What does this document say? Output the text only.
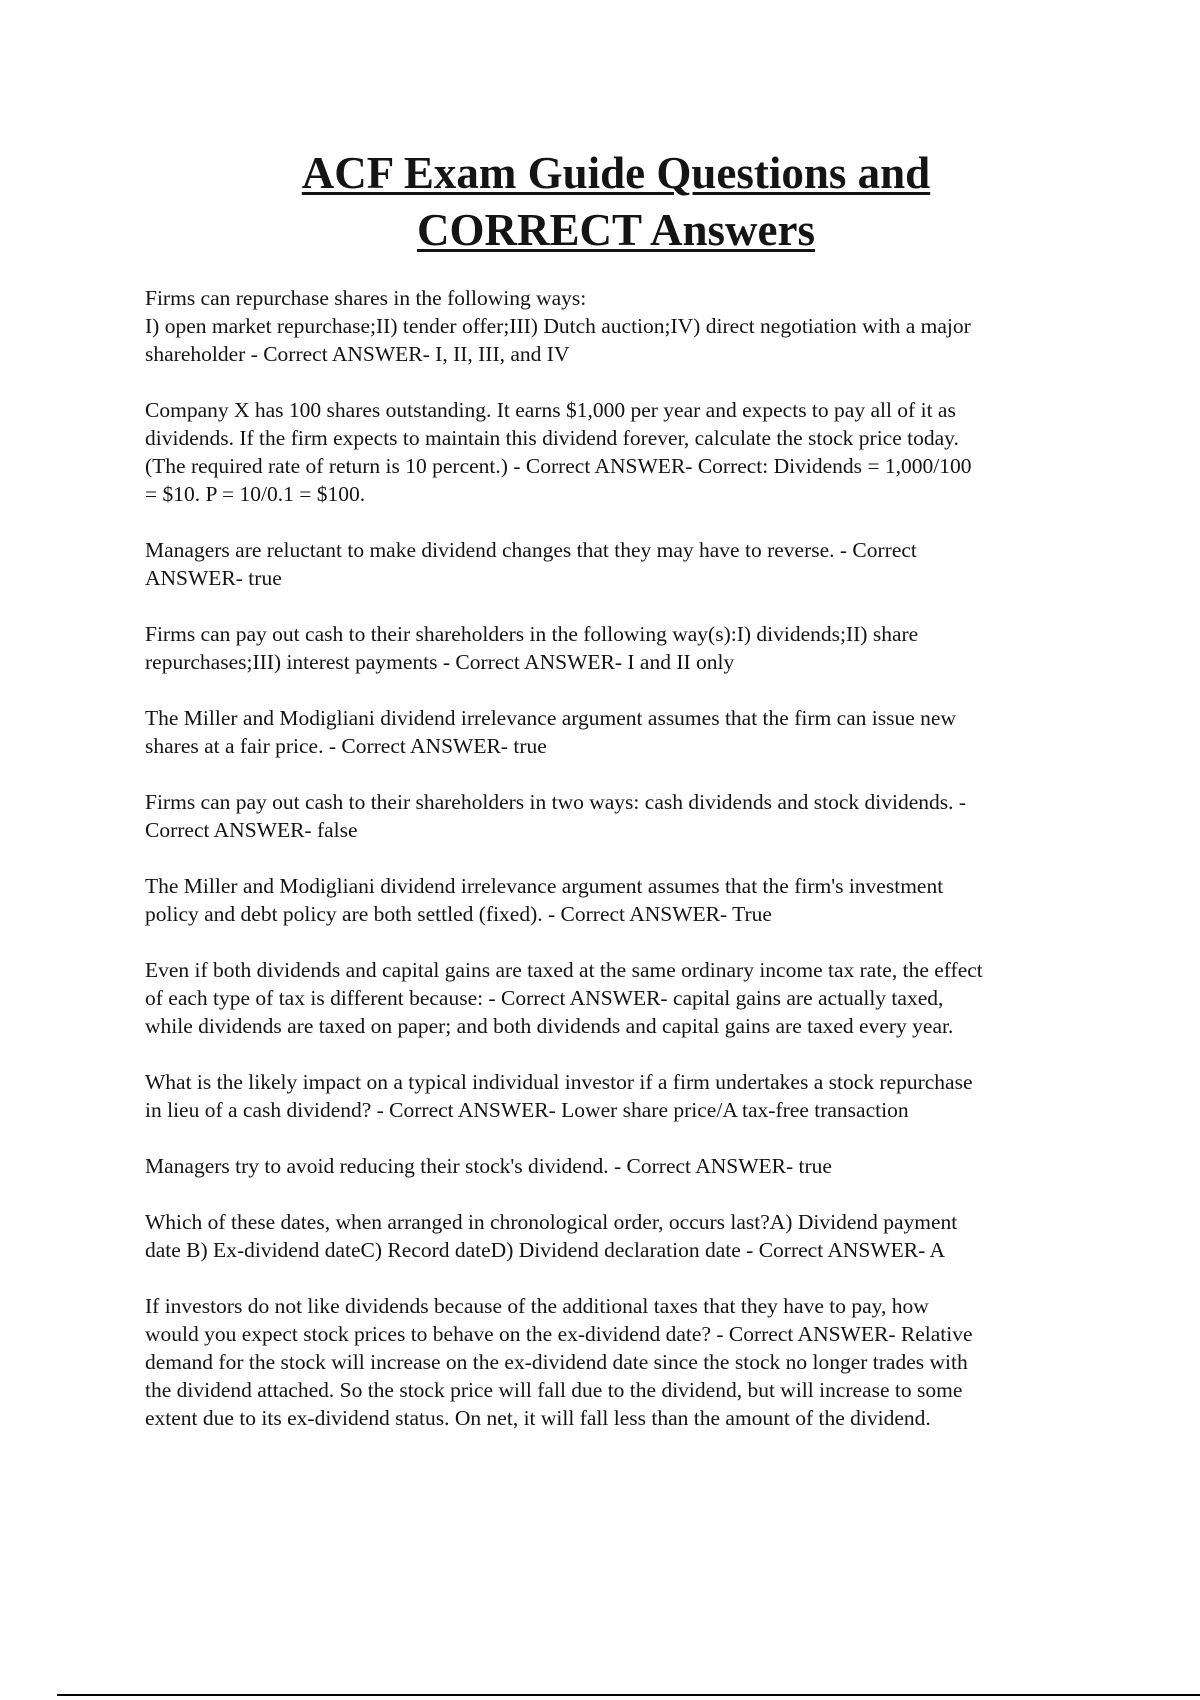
ACF Exam Guide Questions and
CORRECT Answers

Firms can repurchase shares in the following ways:
I) open market repurchase;II) tender offer;III) Dutch auction;IV) direct negotiation with a major
shareholder - Correct ANSWER- I, II, III, and IV

Company X has 100 shares outstanding. It earns $1,000 per year and expects to pay all of it as
dividends. If the firm expects to maintain this dividend forever, calculate the stock price today.
(The required rate of return is 10 percent.) - Correct ANSWER- Correct: Dividends = 1,000/100
= $10. P = 10/0.1 = $100.

Managers are reluctant to make dividend changes that they may have to reverse. - Correct
ANSWER- true

Firms can pay out cash to their shareholders in the following way(s):I) dividends;II) share
repurchases;III) interest payments - Correct ANSWER- I and II only

The Miller and Modigliani dividend irrelevance argument assumes that the firm can issue new
shares at a fair price. - Correct ANSWER- true

Firms can pay out cash to their shareholders in two ways: cash dividends and stock dividends. -
Correct ANSWER- false

The Miller and Modigliani dividend irrelevance argument assumes that the firm's investment
policy and debt policy are both settled (fixed). - Correct ANSWER- True

Even if both dividends and capital gains are taxed at the same ordinary income tax rate, the effect
of each type of tax is different because: - Correct ANSWER- capital gains are actually taxed,
while dividends are taxed on paper; and both dividends and capital gains are taxed every year.

What is the likely impact on a typical individual investor if a firm undertakes a stock repurchase
in lieu of a cash dividend? - Correct ANSWER- Lower share price/A tax-free transaction

Managers try to avoid reducing their stock's dividend. - Correct ANSWER- true

Which of these dates, when arranged in chronological order, occurs last?A) Dividend payment
date B) Ex-dividend dateC) Record dateD) Dividend declaration date - Correct ANSWER- A

If investors do not like dividends because of the additional taxes that they have to pay, how
would you expect stock prices to behave on the ex-dividend date? - Correct ANSWER- Relative
demand for the stock will increase on the ex-dividend date since the stock no longer trades with
the dividend attached. So the stock price will fall due to the dividend, but will increase to some
extent due to its ex-dividend status. On net, it will fall less than the amount of the dividend.
